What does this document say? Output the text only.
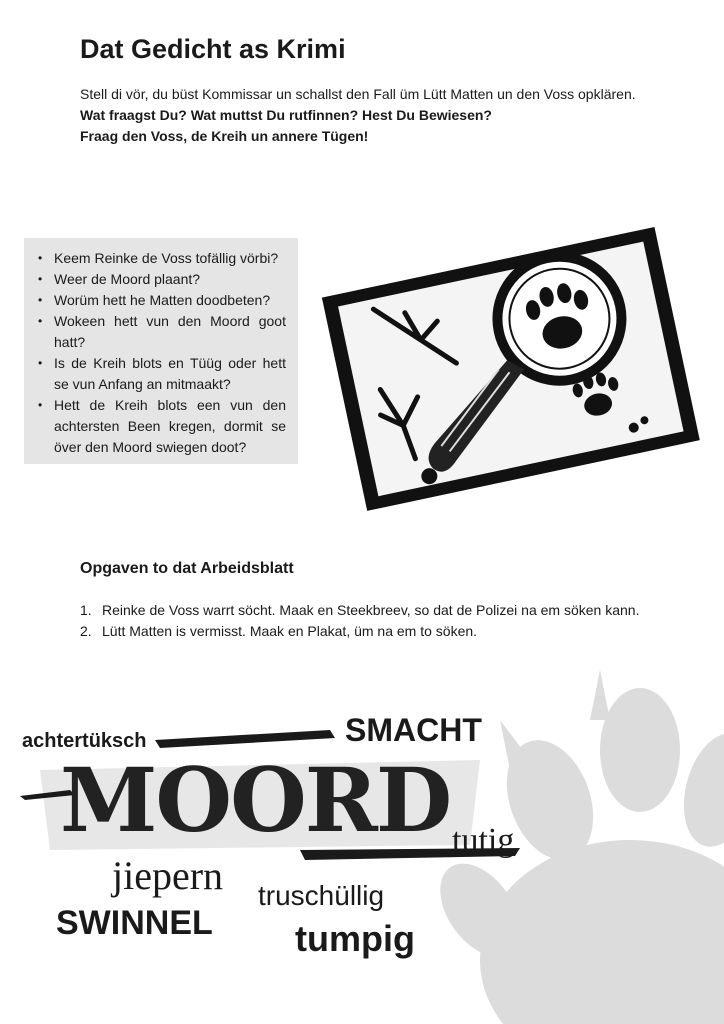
Dat Gedicht as Krimi
Stell di vör, du büst Kommissar un schallst den Fall üm Lütt Matten un den Voss opklären.
Wat fraagst Du? Wat muttst Du rutfinnen? Hest Du Bewiesen?
Fraag den Voss, de Kreih un annere Tügen!
• Keem Reinke de Voss tofällig vörbi?
• Weer de Moord plaant?
• Worüm hett he Matten doodbeten?
• Wokeen hett vun den Moord goot hatt?
• Is de Kreih blots en Tüüg oder hett se vun Anfang an mitmaakt?
• Hett de Kreih blots een vun den achtersten Been kregen, dormit se över den Moord swiegen doot?
Opgaven to dat Arbeidsblatt
1. Reinke de Voss warrt söcht. Maak en Steekbreev, so dat de Polizei na em söken kann.
2. Lütt Matten is vermisst. Maak en Plakat, üm na em to söken.
achtertüksch	SMACHT
MOORD tutig
jiepern truschüllig
SWINNEL tumpig
